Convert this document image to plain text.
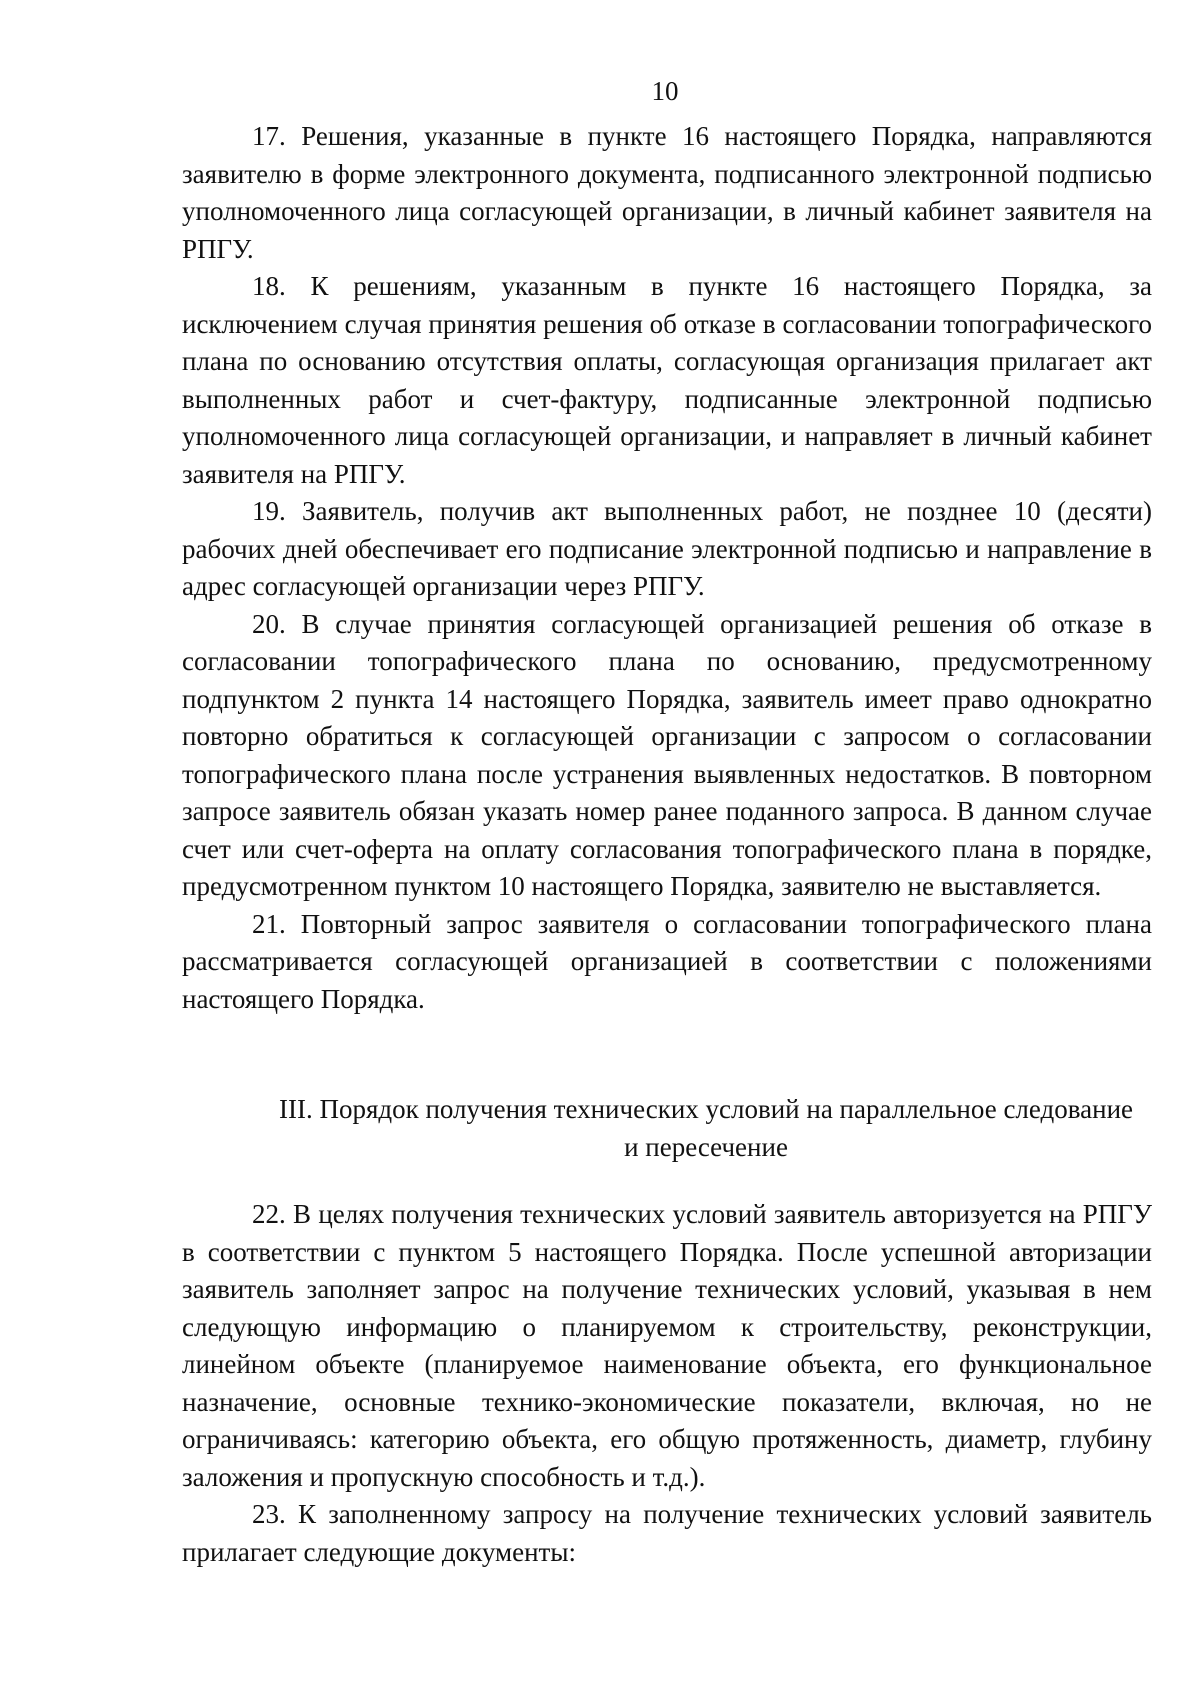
10

17. Решения, указанные в пункте 16 настоящего Порядка, направляются заявителю в форме электронного документа, подписанного электронной подписью уполномоченного лица согласующей организации, в личный кабинет заявителя на РПГУ.

18. К решениям, указанным в пункте 16 настоящего Порядка, за исключением случая принятия решения об отказе в согласовании топографического плана по основанию отсутствия оплаты, согласующая организация прилагает акт выполненных работ и счет-фактуру, подписанные электронной подписью уполномоченного лица согласующей организации, и направляет в личный кабинет заявителя на РПГУ.

19. Заявитель, получив акт выполненных работ, не позднее 10 (десяти) рабочих дней обеспечивает его подписание электронной подписью и направление в адрес согласующей организации через РПГУ.

20. В случае принятия согласующей организацией решения об отказе в согласовании топографического плана по основанию, предусмотренному подпунктом 2 пункта 14 настоящего Порядка, заявитель имеет право однократно повторно обратиться к согласующей организации с запросом о согласовании топографического плана после устранения выявленных недостатков. В повторном запросе заявитель обязан указать номер ранее поданного запроса. В данном случае счет или счет-оферта на оплату согласования топографического плана в порядке, предусмотренном пунктом 10 настоящего Порядка, заявителю не выставляется.

21. Повторный запрос заявителя о согласовании топографического плана рассматривается согласующей организацией в соответствии с положениями настоящего Порядка.

III. Порядок получения технических условий на параллельное следование
и пересечение

22. В целях получения технических условий заявитель авторизуется на РПГУ в соответствии с пунктом 5 настоящего Порядка. После успешной авторизации заявитель заполняет запрос на получение технических условий, указывая в нем следующую информацию о планируемом к строительству, реконструкции, линейном объекте (планируемое наименование объекта, его функциональное назначение, основные технико-экономические показатели, включая, но не ограничиваясь: категорию объекта, его общую протяженность, диаметр, глубину заложения и пропускную способность и т.д.).

23. К заполненному запросу на получение технических условий заявитель прилагает следующие документы:
